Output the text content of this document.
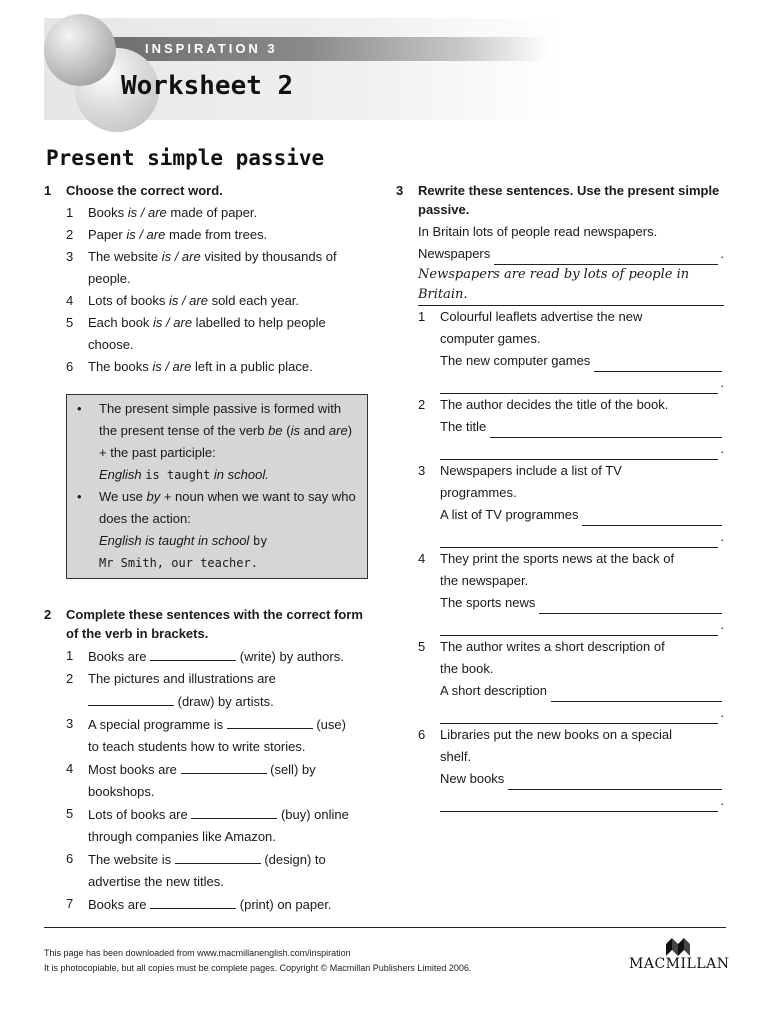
INSPIRATION 3
Worksheet 2
Present simple passive
1	Choose the correct word.
1	Books is / are made of paper.
2	Paper is / are made from trees.
3	The website is / are visited by thousands of people.
4	Lots of books is / are sold each year.
5	Each book is / are labelled to help people choose.
6	The books is / are left in a public place.
•	The present simple passive is formed with the present tense of the verb be (is and are) + the past participle:
English is taught in school.
•	We use by + noun when we want to say who does the action:
English is taught in school by
Mr Smith, our teacher.
2	Complete these sentences with the correct form of the verb in brackets.
1	Books are	(write) by authors.
2	The pictures and illustrations are
(draw) by artists.
3	A special programme is	(use)
to teach students how to write stories.
4	Most books are	(sell) by
bookshops.
5	Lots of books are	(buy) online
through companies like Amazon.
6	The website is	(design) to
advertise the new titles.
7	Books are	(print) on paper.
3	Rewrite these sentences. Use the present simple passive.
In Britain lots of people read newspapers.
Newspapers
	.
Newspapers are read by lots of people in Britain.
1	Colourful leaflets advertise the new
computer games.
The new computer games

.
2	The author decides the title of the book.
The title

.
3	Newspapers include a list of TV
programmes.
A list of TV programmes

.
4	They print the sports news at the back of
the newspaper.
The sports news

.
5	The author writes a short description of
the book.
A short description

.
6	Libraries put the new books on a special
shelf.
New books

.
This page has been downloaded from www.macmillanenglish.com/inspiration
It is photocopiable, but all copies must be complete pages. Copyright © Macmillan Publishers Limited 2006.	MACMILLAN
